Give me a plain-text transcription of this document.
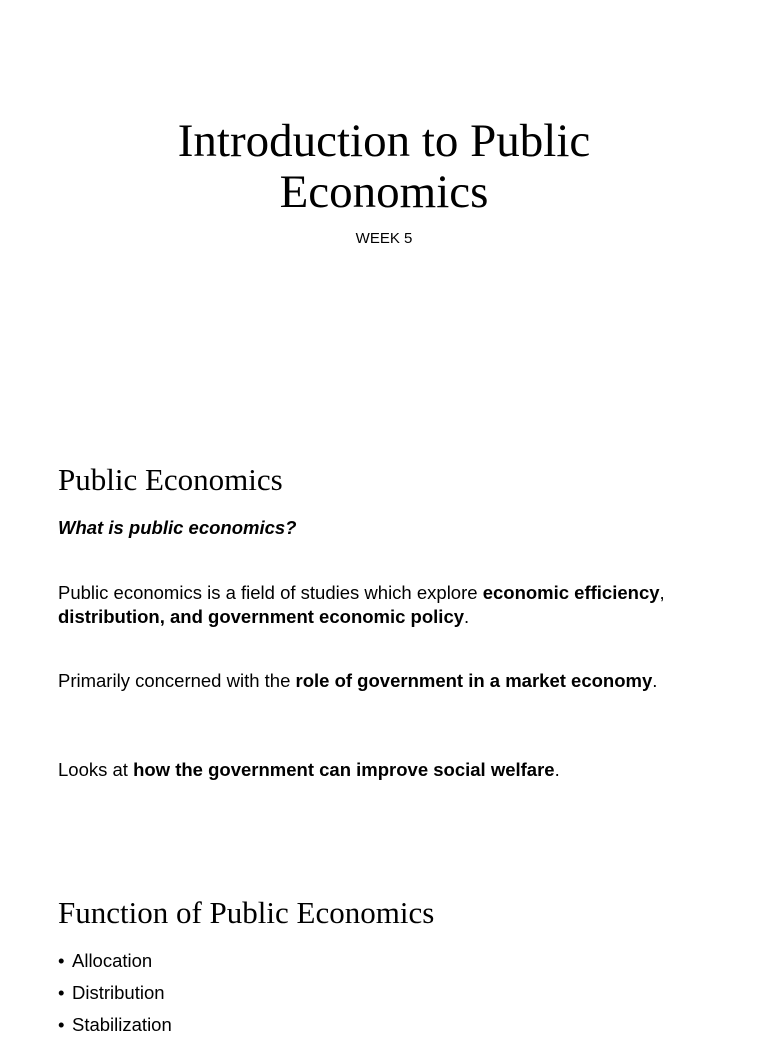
Introduction to Public
Economics
WEEK 5
Public Economics
What is public economics?
Public economics is a field of studies which explore economic efficiency, distribution, and government economic policy.
Primarily concerned with the role of government in a market economy.
Looks at how the government can improve social welfare.
Function of Public Economics
• Allocation
• Distribution
• Stabilization
